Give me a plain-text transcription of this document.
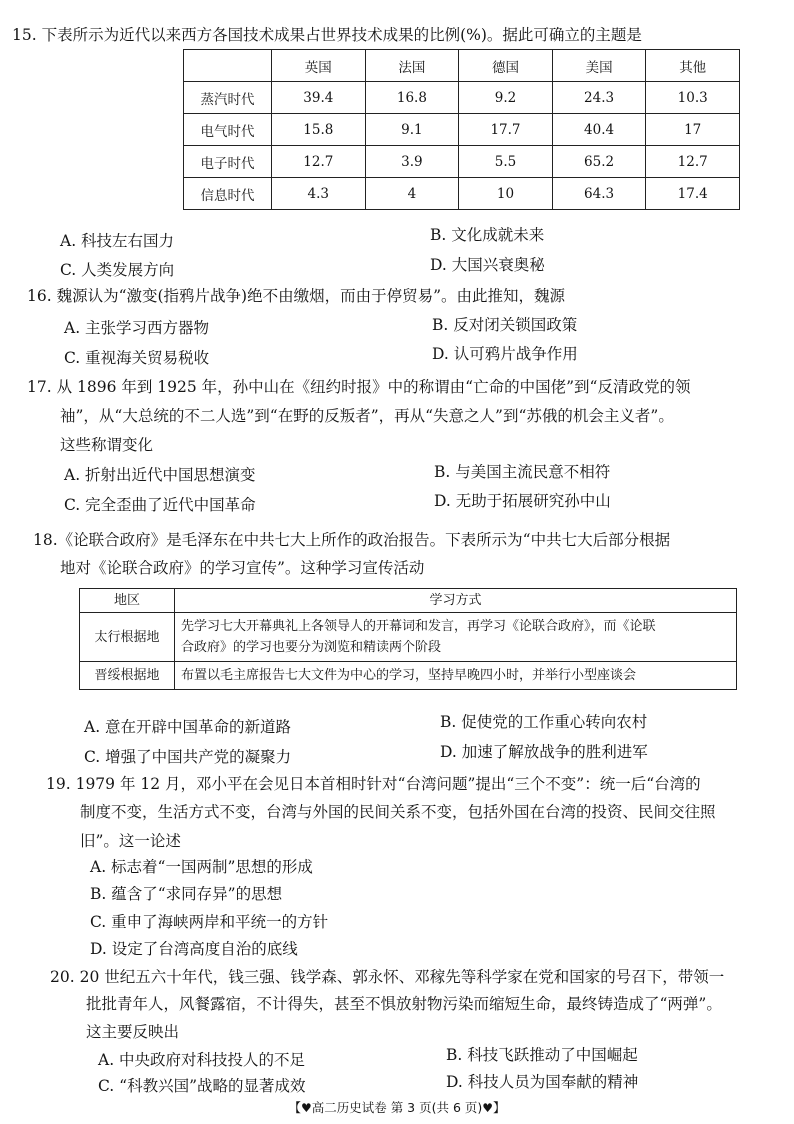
15. 下表所示为近代以来西方各国技术成果占世界技术成果的比例(%)。据此可确立的主题是
	英国	法国	德国	美国	其他
蒸汽时代	39.4	16.8	9.2	24.3	10.3
电气时代	15.8	9.1	17.7	40.4	17
电子时代	12.7	3.9	5.5	65.2	12.7
信息时代	4.3	4	10	64.3	17.4
A. 科技左右国力	B. 文化成就未来
C. 人类发展方向	D. 大国兴衰奥秘
16. 魏源认为“激变(指鸦片战争)绝不由缴烟，而由于停贸易”。由此推知，魏源
A. 主张学习西方器物	B. 反对闭关锁国政策
C. 重视海关贸易税收	D. 认可鸦片战争作用
17. 从 1896 年到 1925 年，孙中山在《纽约时报》中的称谓由“亡命的中国佬”到“反清政党的领
袖”，从“大总统的不二人选”到“在野的反叛者”，再从“失意之人”到“苏俄的机会主义者”。
这些称谓变化
A. 折射出近代中国思想演变	B. 与美国主流民意不相符
C. 完全歪曲了近代中国革命	D. 无助于拓展研究孙中山
18.《论联合政府》是毛泽东在中共七大上所作的政治报告。下表所示为“中共七大后部分根据
地对《论联合政府》的学习宣传”。这种学习宣传活动
地区	学习方式
太行根据地	先学习七大开幕典礼上各领导人的开幕词和发言，再学习《论联合政府》，而《论联
合政府》的学习也要分为浏览和精读两个阶段

晋绥根据地	布置以毛主席报告七大文件为中心的学习，坚持早晚四小时，并举行小型座谈会
A. 意在开辟中国革命的新道路	B. 促使党的工作重心转向农村
C. 增强了中国共产党的凝聚力	D. 加速了解放战争的胜利进军
19. 1979 年 12 月，邓小平在会见日本首相时针对“台湾问题”提出“三个不变”：统一后“台湾的
制度不变，生活方式不变，台湾与外国的民间关系不变，包括外国在台湾的投资、民间交往照
旧”。这一论述
A. 标志着“一国两制”思想的形成
B. 蕴含了“求同存异”的思想
C. 重申了海峡两岸和平统一的方针
D. 设定了台湾高度自治的底线
20. 20 世纪五六十年代，钱三强、钱学森、郭永怀、邓稼先等科学家在党和国家的号召下，带领一
批批青年人，风餐露宿，不计得失，甚至不惧放射物污染而缩短生命，最终铸造成了“两弹”。
这主要反映出
A. 中央政府对科技投人的不足	B. 科技飞跃推动了中国崛起
C. “科教兴国”战略的显著成效	D. 科技人员为国奉献的精神
【♥高二历史试卷 第 3 页(共 6 页)♥】
